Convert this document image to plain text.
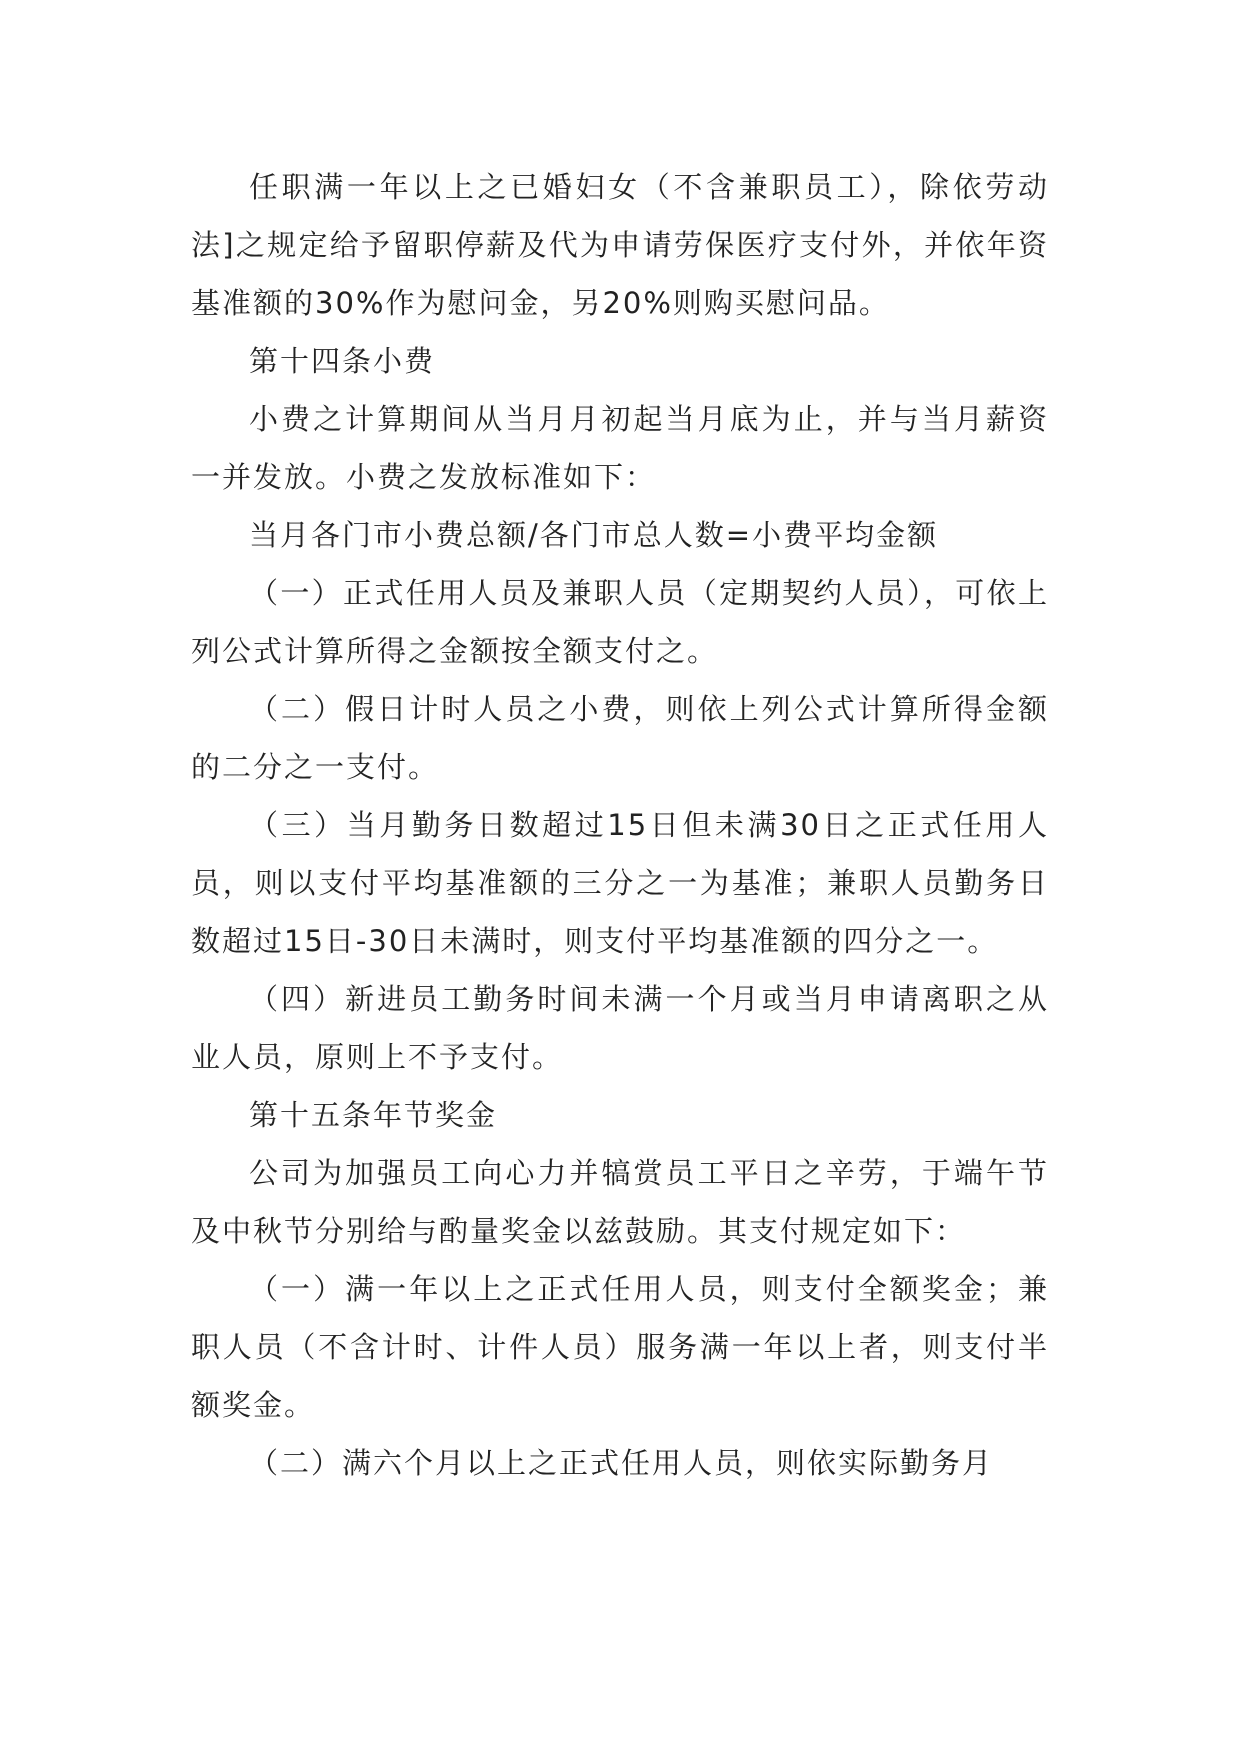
任职满一年以上之已婚妇女（不含兼职员工），除依劳动法]之规定给予留职停薪及代为申请劳保医疗支付外，并依年资基准额的30%作为慰问金，另20%则购买慰问品。

第十四条小费

小费之计算期间从当月月初起当月底为止，并与当月薪资一并发放。小费之发放标准如下：

当月各门市小费总额/各门市总人数=小费平均金额

（一）正式任用人员及兼职人员（定期契约人员），可依上列公式计算所得之金额按全额支付之。

（二）假日计时人员之小费，则依上列公式计算所得金额的二分之一支付。

（三）当月勤务日数超过15日但未满30日之正式任用人员，则以支付平均基准额的三分之一为基准；兼职人员勤务日数超过15日-30日未满时，则支付平均基准额的四分之一。

（四）新进员工勤务时间未满一个月或当月申请离职之从业人员，原则上不予支付。

第十五条年节奖金

公司为加强员工向心力并犒赏员工平日之辛劳，于端午节及中秋节分别给与酌量奖金以兹鼓励。其支付规定如下：

（一）满一年以上之正式任用人员，则支付全额奖金；兼职人员（不含计时、计件人员）服务满一年以上者，则支付半额奖金。

（二）满六个月以上之正式任用人员，则依实际勤务月
